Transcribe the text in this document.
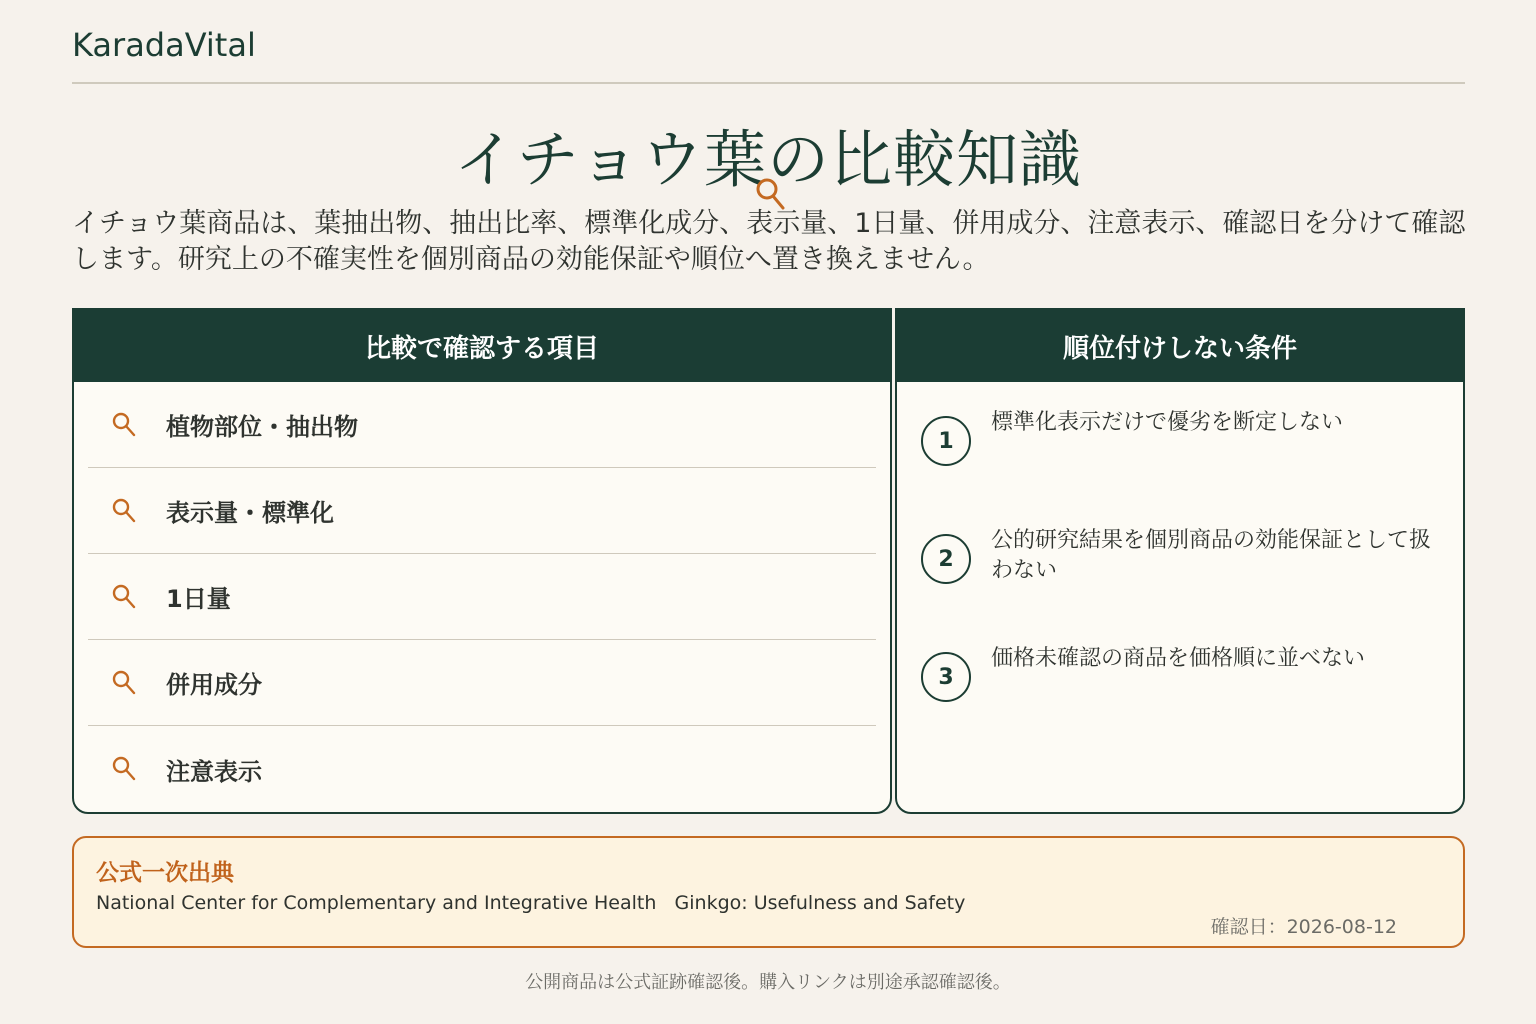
KaradaVital
イチョウ葉の比較知識

イチョウ葉商品は、葉抽出物、抽出比率、標準化成分、表示量、1日量、併用成分、注意表示、確認日を分けて確認します。研究上の不確実性を個別商品の効能保証や順位へ置き換えません。

比較で確認する項目
植物部位・抽出物
表示量・標準化
1日量
併用成分
注意表示
順位付けしない条件
1
標準化表示だけで優劣を断定しない
2
公的研究結果を個別商品の効能保証として扱わない
3
価格未確認の商品を価格順に並べない
公式一次出典
National Center for Complementary and Integrative Health Ginkgo: Usefulness and Safety
確認日：2026-08-12

公開商品は公式証跡確認後。購入リンクは別途承認確認後。
